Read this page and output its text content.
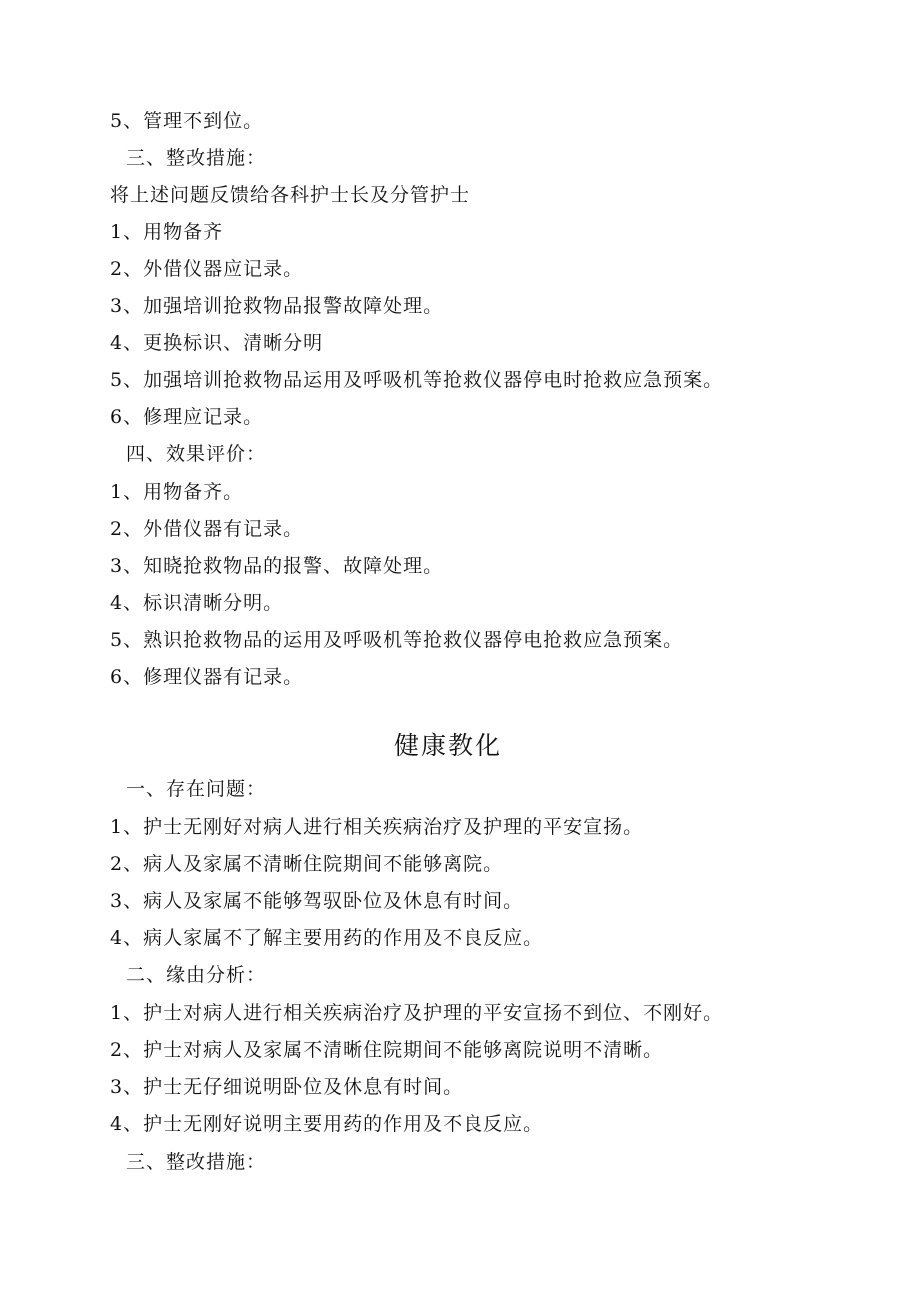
5、管理不到位。
三、整改措施：
将上述问题反馈给各科护士长及分管护士
1、用物备齐
2、外借仪器应记录。
3、加强培训抢救物品报警故障处理。
4、更换标识、清晰分明
5、加强培训抢救物品运用及呼吸机等抢救仪器停电时抢救应急预案。
6、修理应记录。
四、效果评价：
1、用物备齐。
2、外借仪器有记录。
3、知晓抢救物品的报警、故障处理。
4、标识清晰分明。
5、熟识抢救物品的运用及呼吸机等抢救仪器停电抢救应急预案。
6、修理仪器有记录。
健康教化
一、存在问题：
1、护士无刚好对病人进行相关疾病治疗及护理的平安宣扬。
2、病人及家属不清晰住院期间不能够离院。
3、病人及家属不能够驾驭卧位及休息有时间。
4、病人家属不了解主要用药的作用及不良反应。
二、缘由分析：
1、护士对病人进行相关疾病治疗及护理的平安宣扬不到位、不刚好。
2、护士对病人及家属不清晰住院期间不能够离院说明不清晰。
3、护士无仔细说明卧位及休息有时间。
4、护士无刚好说明主要用药的作用及不良反应。
三、整改措施：
